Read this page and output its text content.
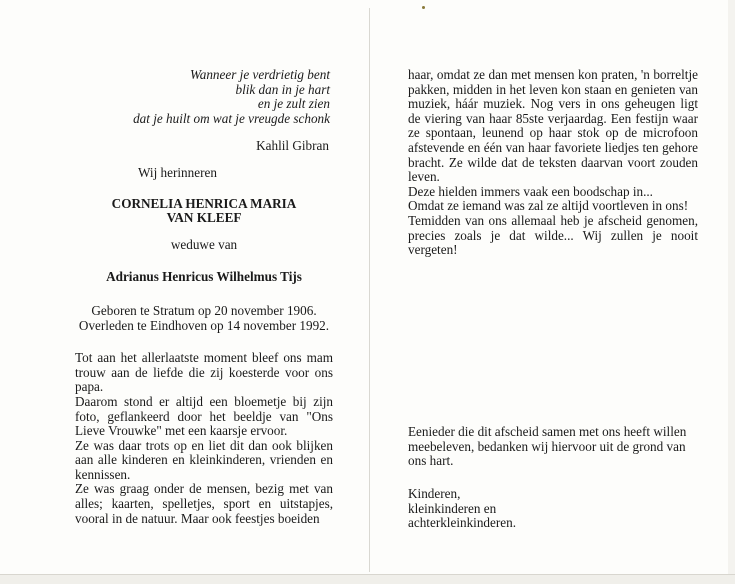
Wanneer je verdrietig bent
blik dan in je hart
en je zult zien
dat je huilt om wat je vreugde schonk
Kahlil Gibran
Wij herinneren
CORNELIA HENRICA MARIA
VAN KLEEF
weduwe van
Adrianus Henricus Wilhelmus Tijs
Geboren te Stratum op 20 november 1906.
Overleden te Eindhoven op 14 november 1992.

Tot aan het allerlaatste moment bleef ons mam trouw aan de liefde die zij koesterde voor ons papa.

Daarom stond er altijd een bloemetje bij zijn foto, geflankeerd door het beeldje van "Ons Lieve Vrouwke" met een kaarsje ervoor.

Ze was daar trots op en liet dit dan ook blijken aan alle kinderen en kleinkinderen, vrienden en kennissen.

Ze was graag onder de mensen, bezig met van alles; kaarten, spelletjes, sport en uitstapjes, vooral in de natuur. Maar ook feestjes boeiden

haar, omdat ze dan met mensen kon praten, 'n borreltje pakken, midden in het leven kon staan en genieten van muziek, háár muziek. Nog vers in ons geheugen ligt de viering van haar 85ste verjaardag. Een festijn waar ze spontaan, leunend op haar stok op de microfoon afstevende en één van haar favoriete liedjes ten gehore bracht. Ze wilde dat de teksten daarvan voort zouden leven.

Deze hielden immers vaak een boodschap in...

Omdat ze iemand was zal ze altijd voortleven in ons!

Temidden van ons allemaal heb je afscheid genomen, precies zoals je dat wilde... Wij zullen je nooit vergeten!

Eenieder die dit afscheid samen met ons heeft willen meebeleven, bedanken wij hiervoor uit de grond van ons hart.
Kinderen,
kleinkinderen en
achterkleinkinderen.
